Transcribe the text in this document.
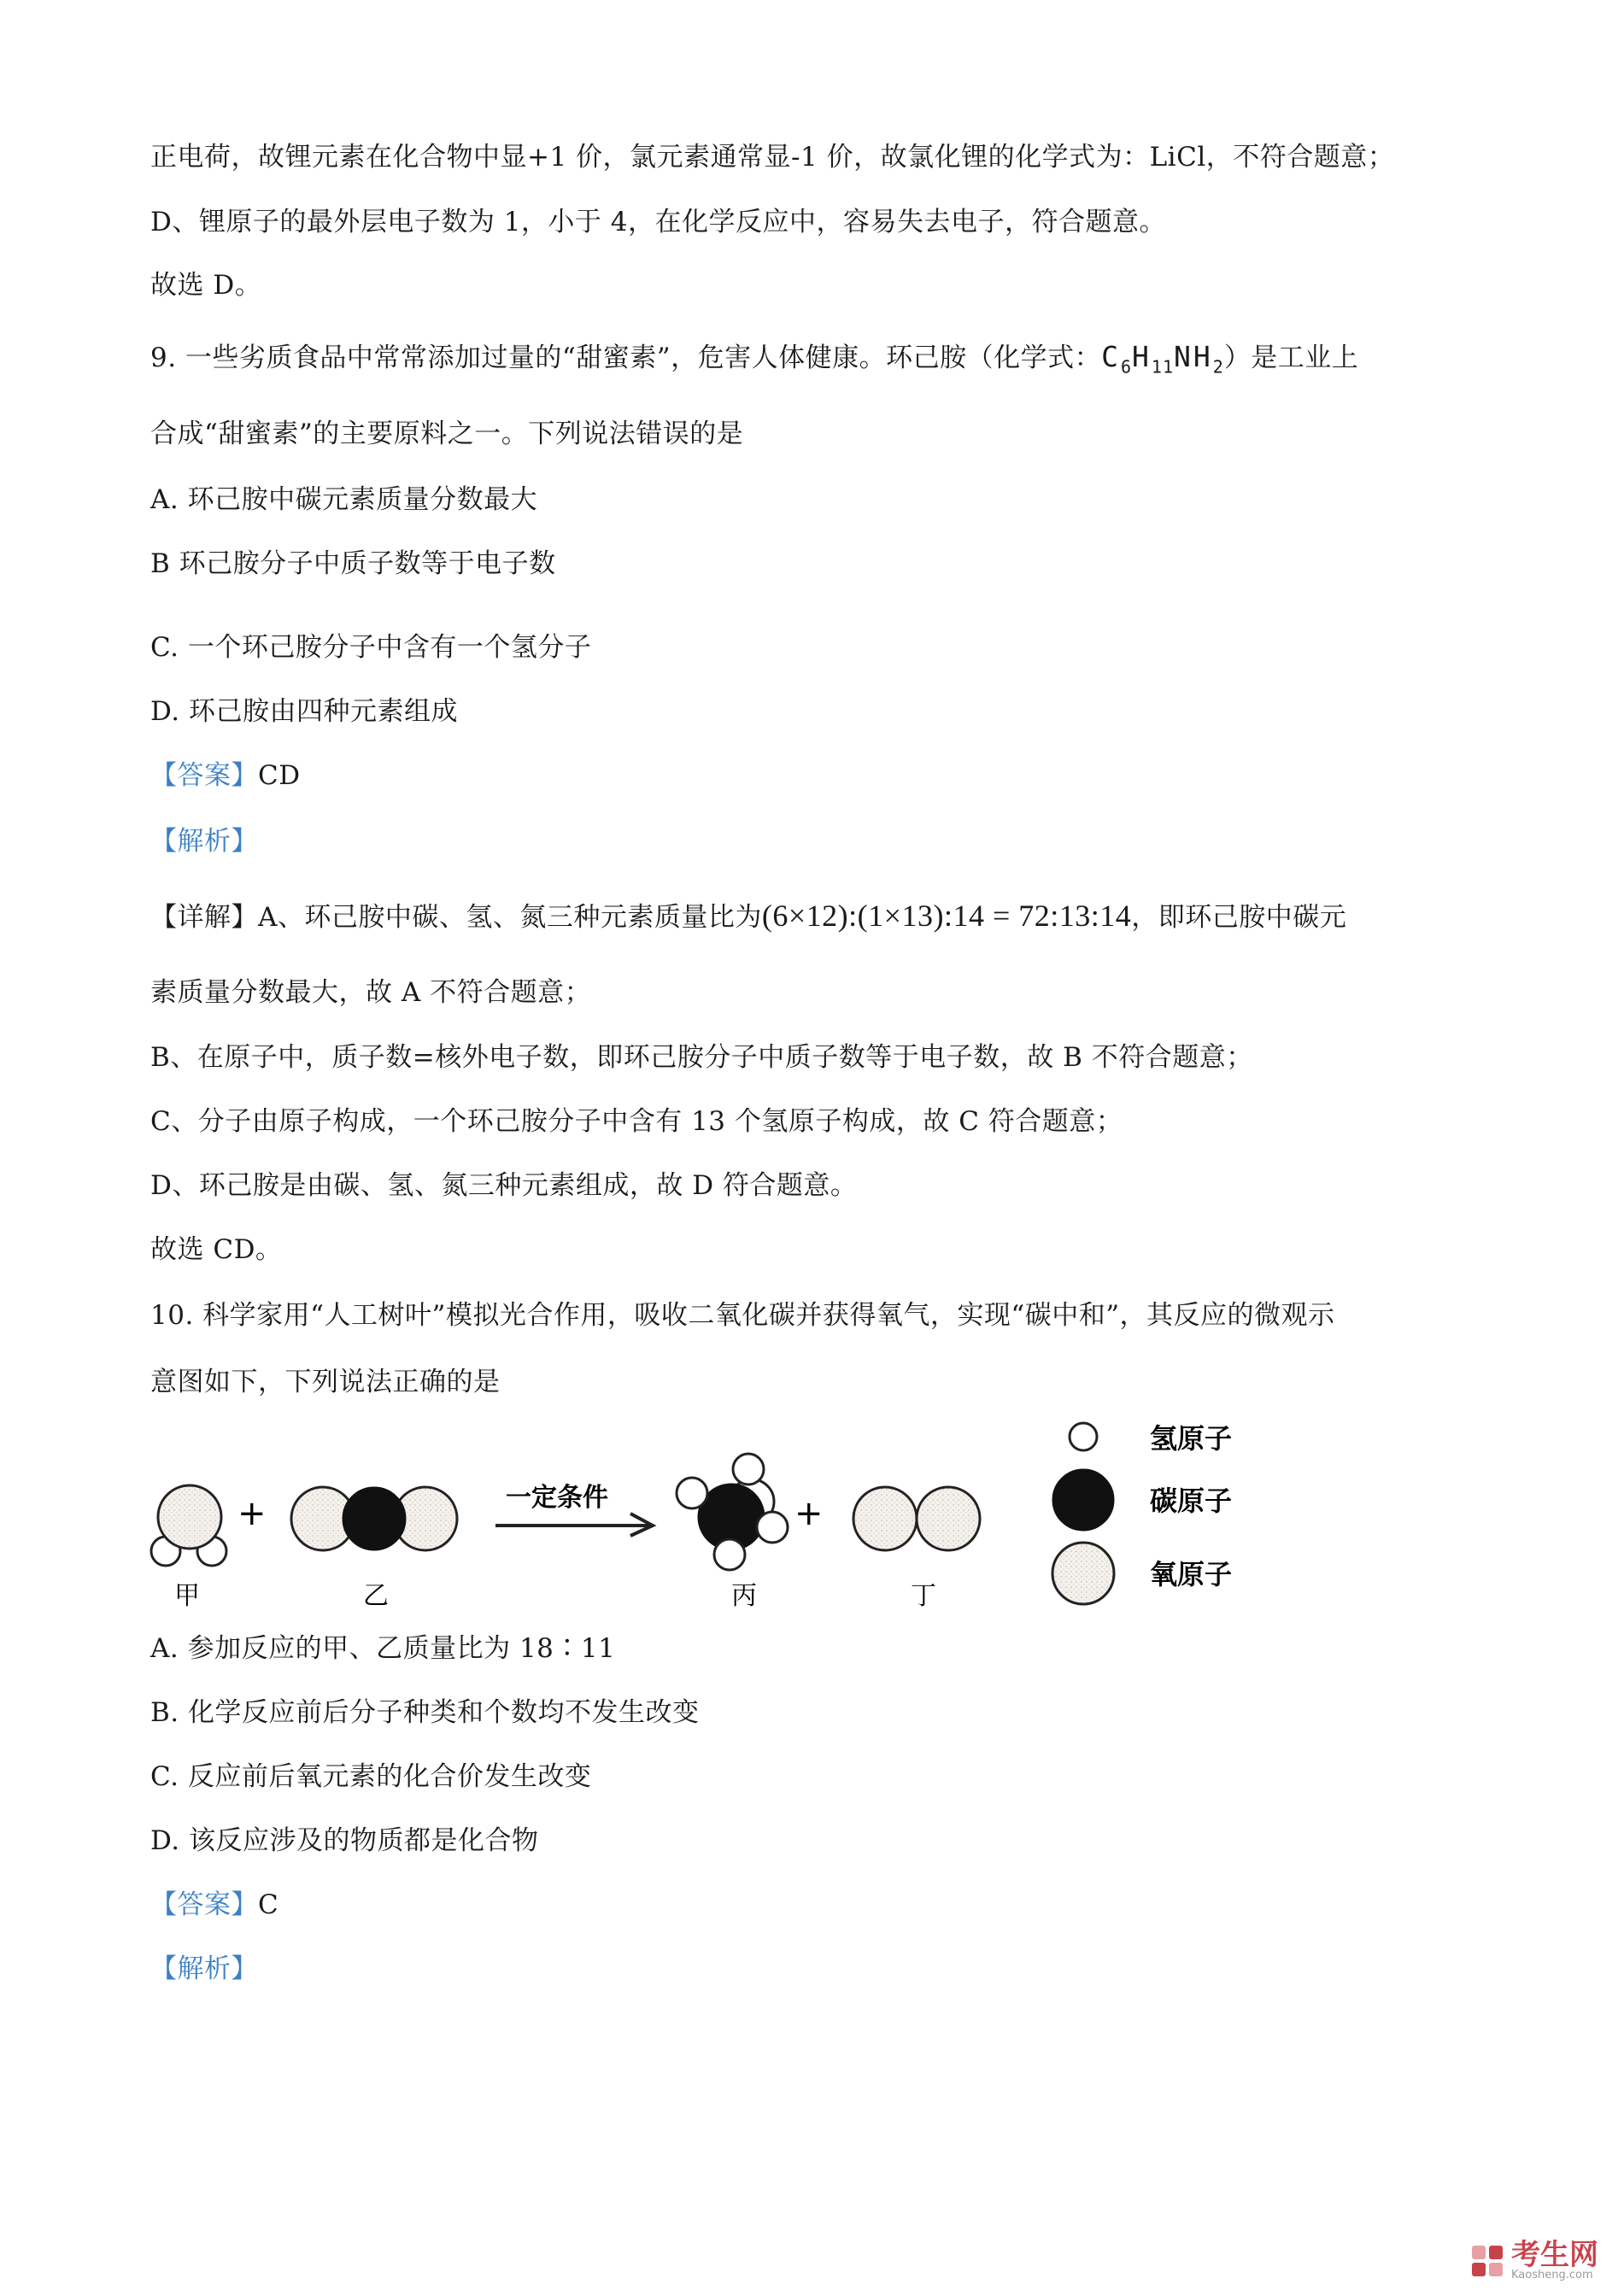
正电荷，故锂元素在化合物中显+1 价，氯元素通常显-1 价，故氯化锂的化学式为：LiCl，不符合题意；
D、锂原子的最外层电子数为 1，小于 4，在化学反应中，容易失去电子，符合题意。
故选 D。
9. 一些劣质食品中常常添加过量的“甜蜜素”，危害人体健康。环己胺（化学式：$C_6H_{11}NH_2$）是工业上
合成“甜蜜素”的主要原料之一。下列说法错误的是
A. 环己胺中碳元素质量分数最大
B 环己胺分子中质子数等于电子数
C. 一个环己胺分子中含有一个氢分子
D. 环己胺由四种元素组成
【答案】CD
【解析】
【详解】A、环己胺中碳、氢、氮三种元素质量比为(6×12):(1×13):14 = 72:13:14，即环己胺中碳元
素质量分数最大，故 A 不符合题意；
B、在原子中，质子数=核外电子数，即环己胺分子中质子数等于电子数，故 B 不符合题意；
C、分子由原子构成，一个环己胺分子中含有 13 个氢原子构成，故 C 符合题意；
D、环己胺是由碳、氢、氮三种元素组成，故 D 符合题意。
故选 CD。
10. 科学家用“人工树叶”模拟光合作用，吸收二氧化碳并获得氧气，实现“碳中和”，其反应的微观示
意图如下，下列说法正确的是
甲
+
乙
一定条件
丙
+
丁
氢原子
碳原子
氧原子
A. 参加反应的甲、乙质量比为 18∶11
B. 化学反应前后分子种类和个数均不发生改变
C. 反应前后氧元素的化合价发生改变
D. 该反应涉及的物质都是化合物
【答案】C
【解析】
考生网
Kaosheng.com
